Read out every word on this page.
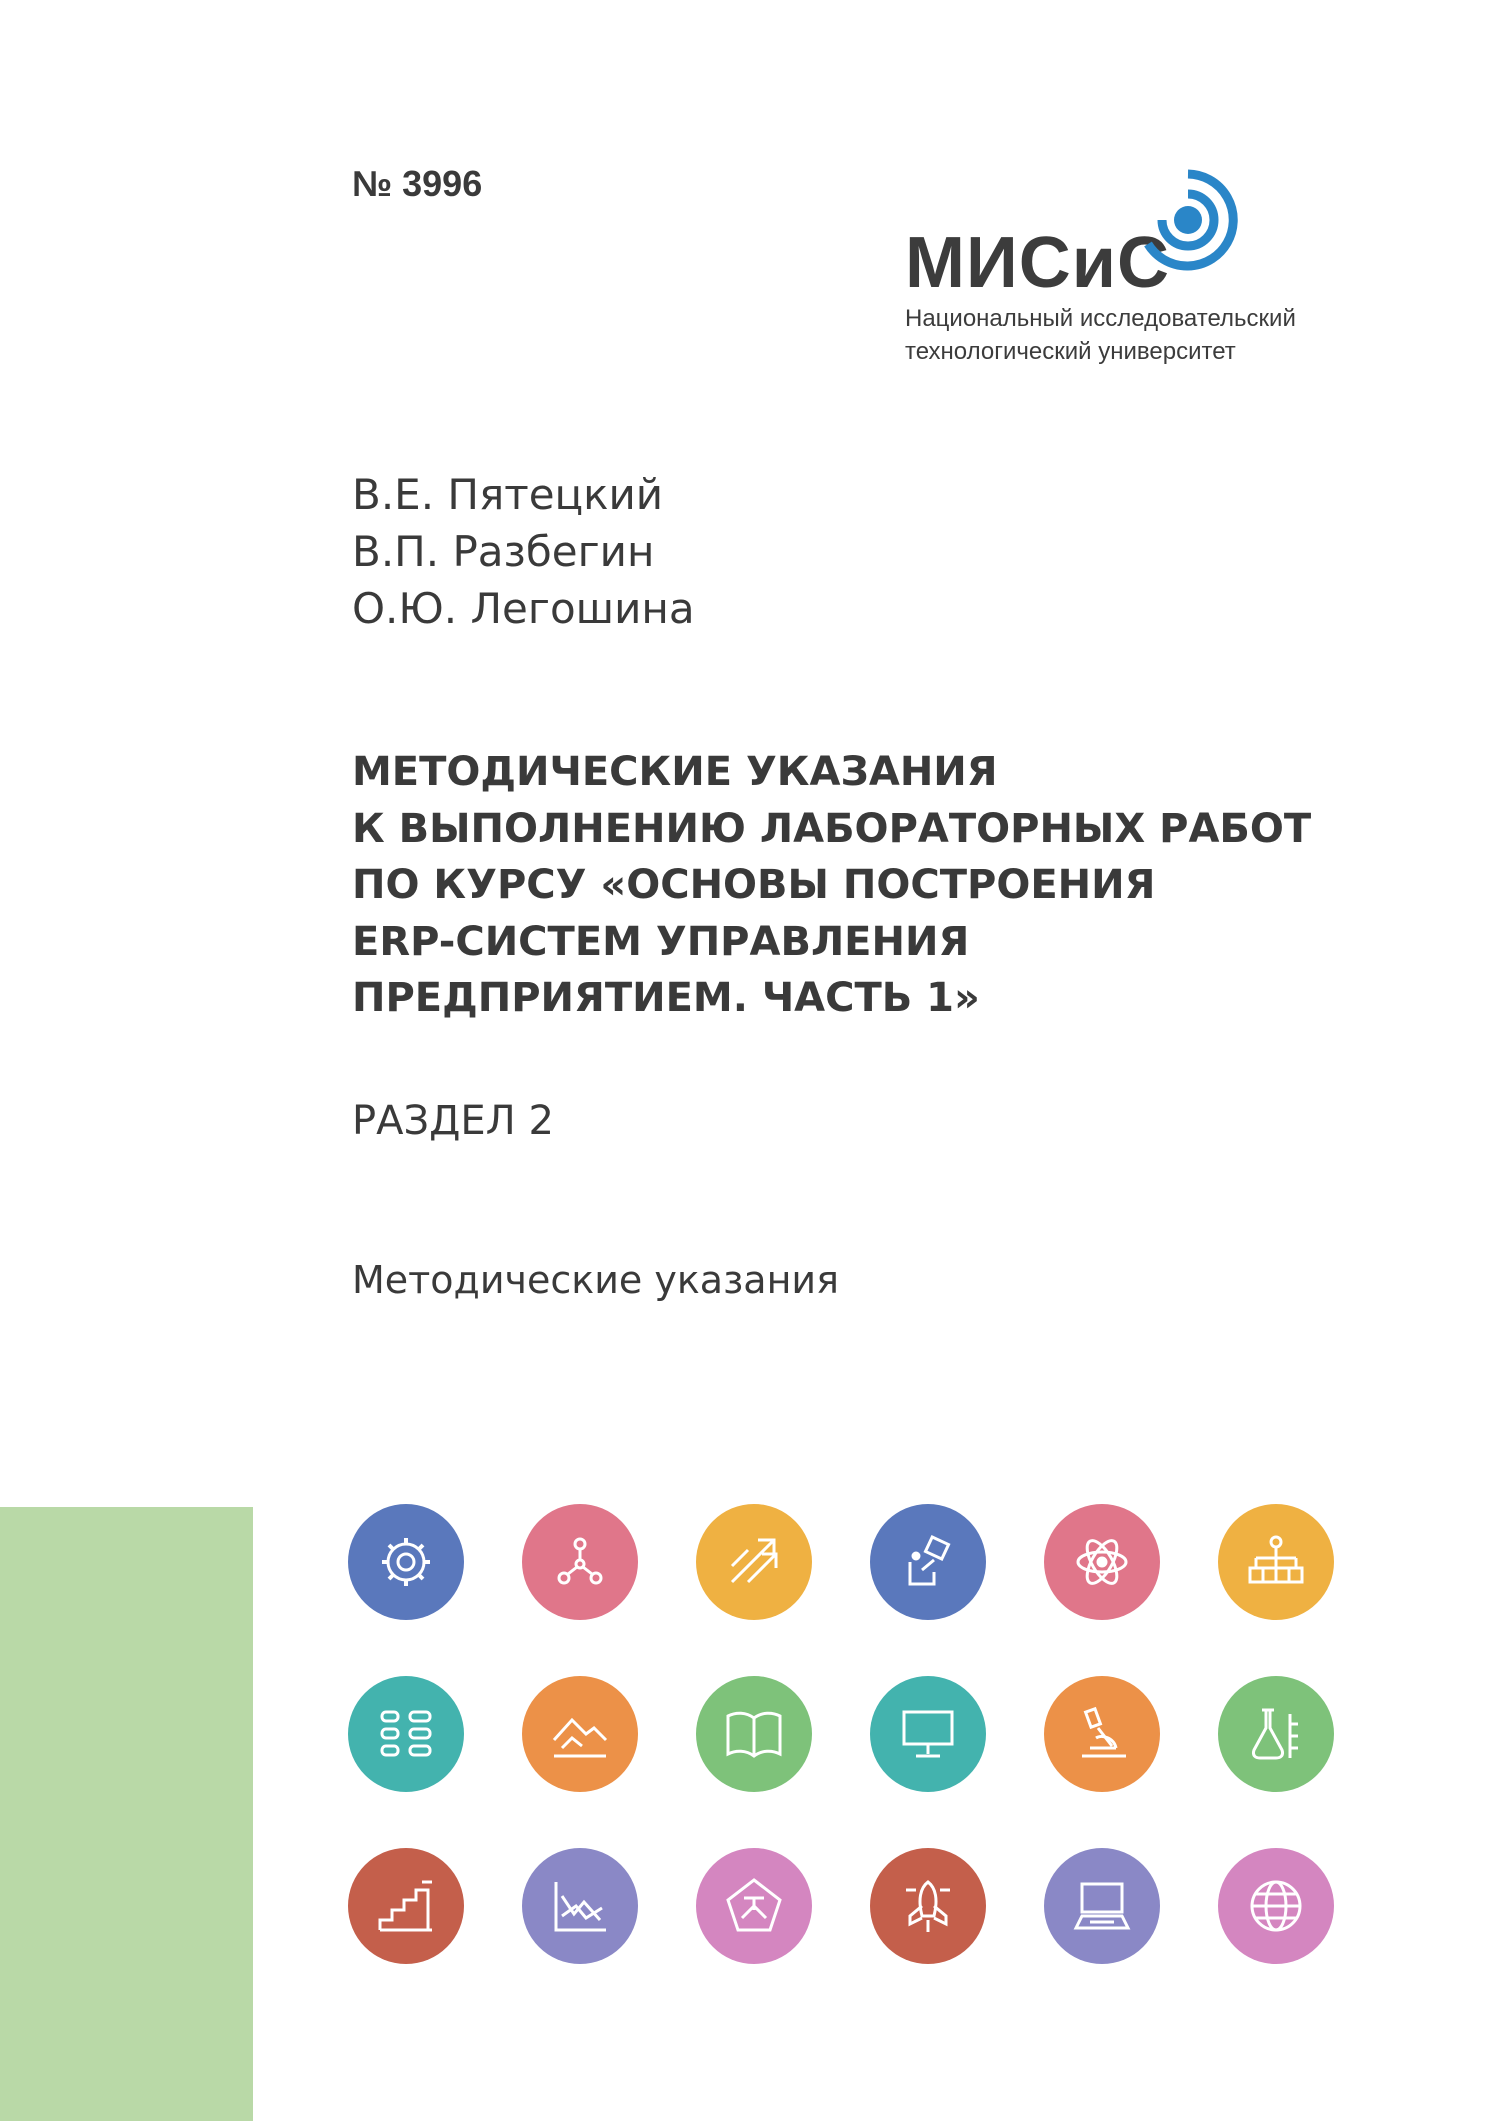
№ 3996
МИСиС
Национальный исследовательский
технологический университет
В.Е. Пятецкий
В.П. Разбегин
О.Ю. Легошина
МЕТОДИЧЕСКИЕ УКАЗАНИЯ
К ВЫПОЛНЕНИЮ ЛАБОРАТОРНЫХ РАБОТ
ПО КУРСУ «ОСНОВЫ ПОСТРОЕНИЯ
ERP-СИСТЕМ УПРАВЛЕНИЯ
ПРЕДПРИЯТИЕМ. ЧАСТЬ 1»
РАЗДЕЛ 2
Методические указания
